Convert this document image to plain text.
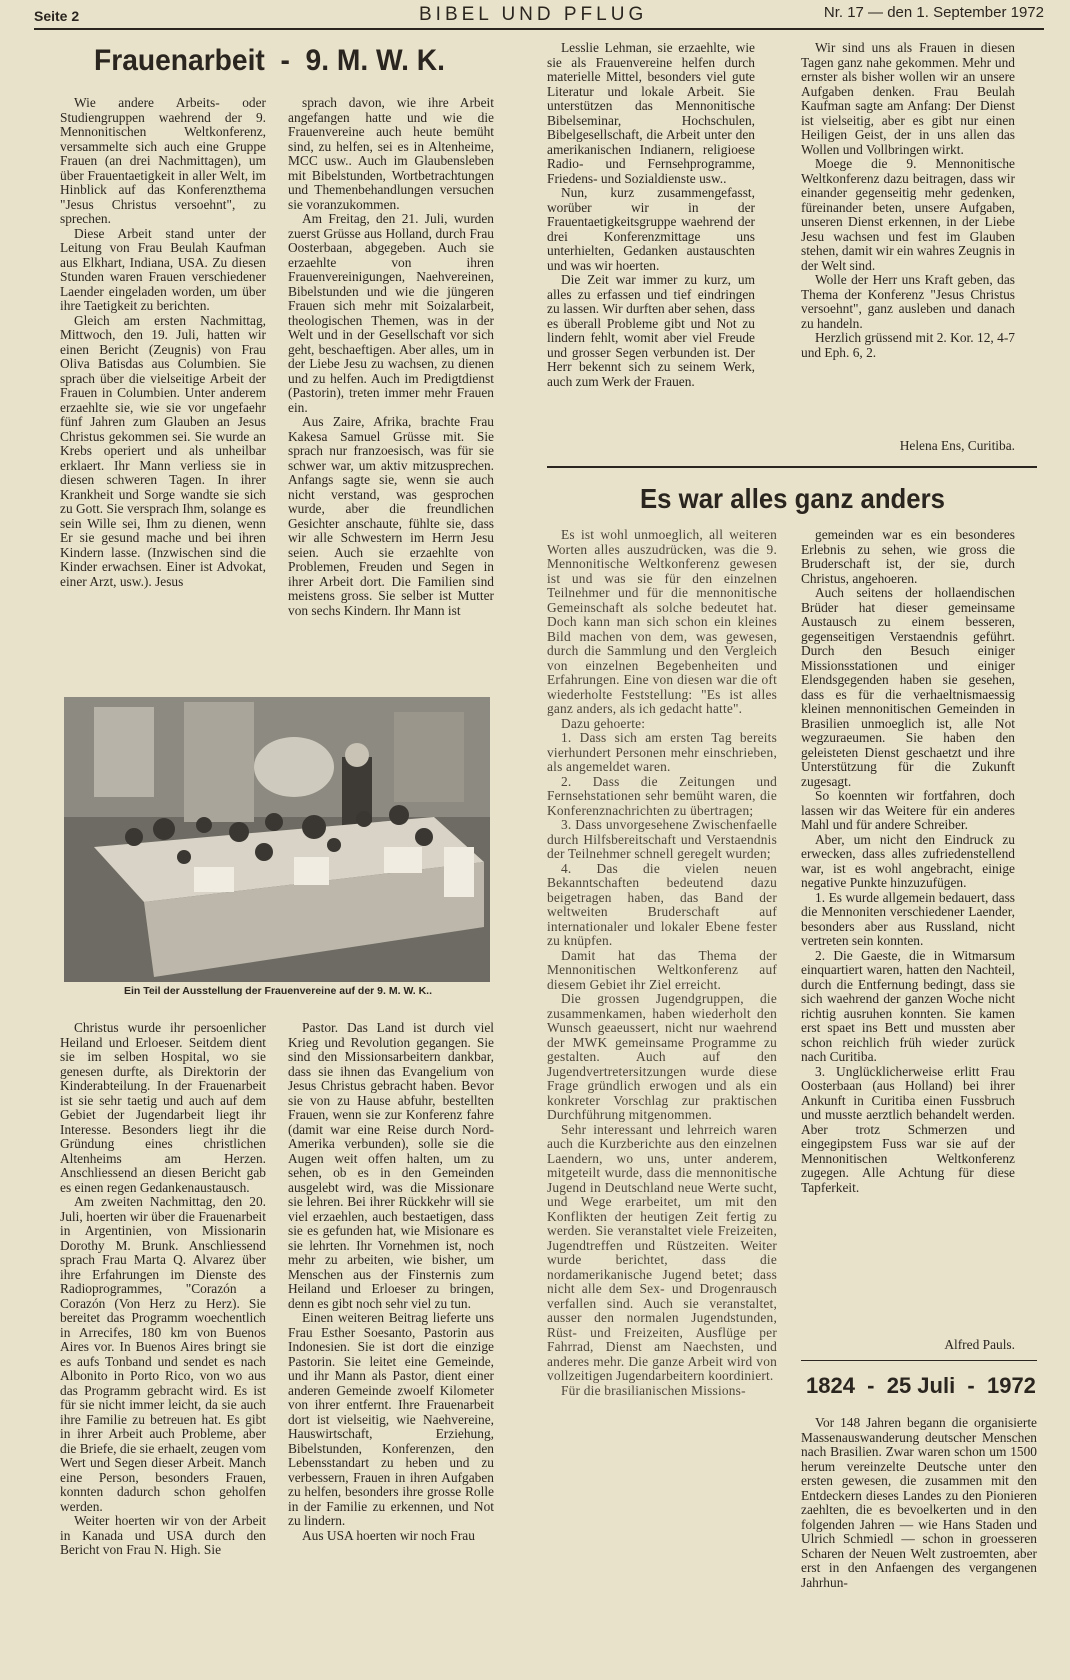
Seite 2	BIBEL UND PFLUG	Nr. 17 — den 1. September 1972
Frauenarbeit  -  9. M. W. K.

Wie andere Arbeits- oder Studiengruppen waehrend der 9. Mennonitischen Weltkonferenz, versammelte sich auch eine Gruppe Frauen (an drei Nachmittagen), um über Frauentaetigkeit in aller Welt, im Hinblick auf das Konferenzthema "Jesus Christus versoehnt", zu sprechen.

Diese Arbeit stand unter der Leitung von Frau Beulah Kaufman aus Elkhart, Indiana, USA. Zu diesen Stunden waren Frauen verschiedener Laender eingeladen worden, um über ihre Taetigkeit zu berichten.

Gleich am ersten Nachmittag, Mittwoch, den 19. Juli, hatten wir einen Bericht (Zeugnis) von Frau Oliva Batisdas aus Columbien. Sie sprach über die vielseitige Arbeit der Frauen in Columbien. Unter anderem erzaehlte sie, wie sie vor ungefaehr fünf Jahren zum Glauben an Jesus Christus gekommen sei. Sie wurde an Krebs operiert und als unheilbar erklaert. Ihr Mann verliess sie in diesen schweren Tagen. In ihrer Krankheit und Sorge wandte sie sich zu Gott. Sie versprach Ihm, solange es sein Wille sei, Ihm zu dienen, wenn Er sie gesund mache und bei ihren Kindern lasse. (Inzwischen sind die Kinder erwachsen. Einer ist Advokat, einer Arzt, usw.). Jesus

sprach davon, wie ihre Arbeit angefangen hatte und wie die Frauenvereine auch heute bemüht sind, zu helfen, sei es in Altenheime, MCC usw.. Auch im Glaubensleben mit Bibelstunden, Wortbetrachtungen und Themenbehandlungen versuchen sie voranzukommen.

Am Freitag, den 21. Juli, wurden zuerst Grüsse aus Holland, durch Frau Oosterbaan, abgegeben. Auch sie erzaehlte von ihren Frauenvereinigungen, Naehvereinen, Bibelstunden und wie die jüngeren Frauen sich mehr mit Soizalarbeit, theologischen Themen, was in der Welt und in der Gesellschaft vor sich geht, beschaeftigen. Aber alles, um in der Liebe Jesu zu wachsen, zu dienen und zu helfen. Auch im Predigtdienst (Pastorin), treten immer mehr Frauen ein.

Aus Zaire, Afrika, brachte Frau Kakesa Samuel Grüsse mit. Sie sprach nur franzoesisch, was für sie schwer war, um aktiv mitzusprechen. Anfangs sagte sie, wenn sie auch nicht verstand, was gesprochen wurde, aber die freundlichen Gesichter anschaute, fühlte sie, dass wir alle Schwestern im Herrn Jesu seien. Auch sie erzaehlte von Problemen, Freuden und Segen in ihrer Arbeit dort. Die Familien sind meistens gross. Sie selber ist Mutter von sechs Kindern. Ihr Mann ist

Lesslie Lehman, sie erzaehlte, wie sie als Frauenvereine helfen durch materielle Mittel, besonders viel gute Literatur und lokale Arbeit. Sie unterstützen das Mennonitische Bibelseminar, Hochschulen, Bibelgesellschaft, die Arbeit unter den amerikanischen Indianern, religioese Radio- und Fernsehprogramme, Friedens- und Sozialdienste usw..

Nun, kurz zusammengefasst, worüber wir in der Frauentaetigkeitsgruppe waehrend der drei Konferenzmittage uns unterhielten, Gedanken austauschten und was wir hoerten.

Die Zeit war immer zu kurz, um alles zu erfassen und tief eindringen zu lassen. Wir durften aber sehen, dass es überall Probleme gibt und Not zu lindern fehlt, womit aber viel Freude und grosser Segen verbunden ist. Der Herr bekennt sich zu seinem Werk, auch zum Werk der Frauen.

Wir sind uns als Frauen in diesen Tagen ganz nahe gekommen. Mehr und ernster als bisher wollen wir an unsere Aufgaben denken. Frau Beulah Kaufman sagte am Anfang: Der Dienst ist vielseitig, aber es gibt nur einen Heiligen Geist, der in uns allen das Wollen und Vollbringen wirkt.

Moege die 9. Mennonitische Weltkonferenz dazu beitragen, dass wir einander gegenseitig mehr gedenken, füreinander beten, unsere Aufgaben, unseren Dienst erkennen, in der Liebe Jesu wachsen und fest im Glauben stehen, damit wir ein wahres Zeugnis in der Welt sind.

Wolle der Herr uns Kraft geben, das Thema der Konferenz "Jesus Christus versoehnt", ganz ausleben und danach zu handeln.

Herzlich grüssend mit 2. Kor. 12, 4-7 und Eph. 6, 2.

Helena Ens, Curitiba.
Ein Teil der Ausstellung der Frauenvereine auf der 9. M. W. K..

Christus wurde ihr persoenlicher Heiland und Erloeser. Seitdem dient sie im selben Hospital, wo sie genesen durfte, als Direktorin der Kinderabteilung. In der Frauenarbeit ist sie sehr taetig und auch auf dem Gebiet der Jugendarbeit liegt ihr Interesse. Besonders liegt ihr die Gründung eines christlichen Altenheims am Herzen. Anschliessend an diesen Bericht gab es einen regen Gedankenaustausch.

Am zweiten Nachmittag, den 20. Juli, hoerten wir über die Frauenarbeit in Argentinien, von Missionarin Dorothy M. Brunk. Anschliessend sprach Frau Marta Q. Alvarez über ihre Erfahrungen im Dienste des Radioprogrammes, "Corazón a Corazón (Von Herz zu Herz). Sie bereitet das Programm woechentlich in Arrecifes, 180 km von Buenos Aires vor. In Buenos Aires bringt sie es aufs Tonband und sendet es nach Albonito in Porto Rico, von wo aus das Programm gebracht wird. Es ist für sie nicht immer leicht, da sie auch ihre Familie zu betreuen hat. Es gibt in ihrer Arbeit auch Probleme, aber die Briefe, die sie erhaelt, zeugen vom Wert und Segen dieser Arbeit. Manch eine Person, besonders Frauen, konnten dadurch schon geholfen werden.

Weiter hoerten wir von der Arbeit in Kanada und USA durch den Bericht von Frau N. High. Sie

Pastor. Das Land ist durch viel Krieg und Revolution gegangen. Sie sind den Missionsarbeitern dankbar, dass sie ihnen das Evangelium von Jesus Christus gebracht haben. Bevor sie von zu Hause abfuhr, bestellten Frauen, wenn sie zur Konferenz fahre (damit war eine Reise durch Nord-Amerika verbunden), solle sie die Augen weit offen halten, um zu sehen, ob es in den Gemeinden ausgelebt wird, was die Missionare sie lehren. Bei ihrer Rückkehr will sie viel erzaehlen, auch bestaetigen, dass sie es gefunden hat, wie Misionare es sie lehrten. Ihr Vornehmen ist, noch mehr zu arbeiten, wie bisher, um Menschen aus der Finsternis zum Heiland und Erloeser zu bringen, denn es gibt noch sehr viel zu tun.

Einen weiteren Beitrag lieferte uns Frau Esther Soesanto, Pastorin aus Indonesien. Sie ist dort die einzige Pastorin. Sie leitet eine Gemeinde, und ihr Mann als Pastor, dient einer anderen Gemeinde zwoelf Kilometer von ihrer entfernt. Ihre Frauenarbeit dort ist vielseitig, wie Naehvereine, Hauswirtschaft, Erziehung, Bibelstunden, Konferenzen, den Lebensstandart zu heben und zu verbessern, Frauen in ihren Aufgaben zu helfen, besonders ihre grosse Rolle in der Familie zu erkennen, und Not zu lindern.

Aus USA hoerten wir noch Frau

Es war alles ganz anders

Es ist wohl unmoeglich, all weiteren Worten alles auszudrücken, was die 9. Mennonitische Weltkonferenz gewesen ist und was sie für den einzelnen Teilnehmer und für die mennonitische Gemeinschaft als solche bedeutet hat. Doch kann man sich schon ein kleines Bild machen von dem, was gewesen, durch die Sammlung und den Vergleich von einzelnen Begebenheiten und Erfahrungen. Eine von diesen war die oft wiederholte Feststellung: "Es ist alles ganz anders, als ich gedacht hatte".

Dazu gehoerte:

1. Dass sich am ersten Tag bereits vierhundert Personen mehr einschrieben, als angemeldet waren.

2. Dass die Zeitungen und Fernsehstationen sehr bemüht waren, die Konferenznachrichten zu übertragen;

3. Dass unvorgesehene Zwischenfaelle durch Hilfsbereitschaft und Verstaendnis der Teilnehmer schnell geregelt wurden;

4. Das die vielen neuen Bekanntschaften bedeutend dazu beigetragen haben, das Band der weltweiten Bruderschaft auf internationaler und lokaler Ebene fester zu knüpfen.

Damit hat das Thema der Mennonitischen Weltkonferenz auf diesem Gebiet ihr Ziel erreicht.

Die grossen Jugendgruppen, die zusammenkamen, haben wiederholt den Wunsch geaeussert, nicht nur waehrend der MWK gemeinsame Programme zu gestalten. Auch auf den Jugendvertretersitzungen wurde diese Frage gründlich erwogen und als ein konkreter Vorschlag zur praktischen Durchführung mitgenommen.

Sehr interessant und lehrreich waren auch die Kurzberichte aus den einzelnen Laendern, wo uns, unter anderem, mitgeteilt wurde, dass die mennonitische Jugend in Deutschland neue Werte sucht, und Wege erarbeitet, um mit den Konflikten der heutigen Zeit fertig zu werden. Sie veranstaltet viele Freizeiten, Jugendtreffen und Rüstzeiten. Weiter wurde berichtet, dass die nordamerikanische Jugend betet; dass nicht alle dem Sex- und Drogenrausch verfallen sind. Auch sie veranstaltet, ausser den normalen Jugendstunden, Rüst- und Freizeiten, Ausflüge per Fahrrad, Dienst am Naechsten, und anderes mehr. Die ganze Arbeit wird von vollzeitigen Jugendarbeitern koordiniert.

Für die brasilianischen Missions-

gemeinden war es ein besonderes Erlebnis zu sehen, wie gross die Bruderschaft ist, der sie, durch Christus, angehoeren.

Auch seitens der hollaendischen Brüder hat dieser gemeinsame Austausch zu einem besseren, gegenseitigen Verstaendnis geführt. Durch den Besuch einiger Missionsstationen und einiger Elendsgegenden haben sie gesehen, dass es für die verhaeltnismaessig kleinen mennonitischen Gemeinden in Brasilien unmoeglich ist, alle Not wegzuraeumen. Sie haben den geleisteten Dienst geschaetzt und ihre Unterstützung für die Zukunft zugesagt.

So koennten wir fortfahren, doch lassen wir das Weitere für ein anderes Mahl und für andere Schreiber.

Aber, um nicht den Eindruck zu erwecken, dass alles zufriedenstellend war, ist es wohl angebracht, einige negative Punkte hinzuzufügen.

1. Es wurde allgemein bedauert, dass die Mennoniten verschiedener Laender, besonders aber aus Russland, nicht vertreten sein konnten.

2. Die Gaeste, die in Witmarsum einquartiert waren, hatten den Nachteil, durch die Entfernung bedingt, dass sie sich waehrend der ganzen Woche nicht richtig ausruhen konnten. Sie kamen erst spaet ins Bett und mussten aber schon reichlich früh wieder zurück nach Curitiba.

3. Unglücklicherweise erlitt Frau Oosterbaan (aus Holland) bei ihrer Ankunft in Curitiba einen Fussbruch und musste aerztlich behandelt werden. Aber trotz Schmerzen und eingegipstem Fuss war sie auf der Mennonitischen Weltkonferenz zugegen. Alle Achtung für diese Tapferkeit.

Alfred Pauls.
1824  -  25 Juli  -  1972

Vor 148 Jahren begann die organisierte Massenauswanderung deutscher Menschen nach Brasilien. Zwar waren schon um 1500 herum vereinzelte Deutsche unter den ersten gewesen, die zusammen mit den Entdeckern dieses Landes zu den Pionieren zaehlten, die es bevoelkerten und in den folgenden Jahren — wie Hans Staden und Ulrich Schmiedl — schon in groesseren Scharen der Neuen Welt zustroemten, aber erst in den Anfaengen des vergangenen Jahrhun-
